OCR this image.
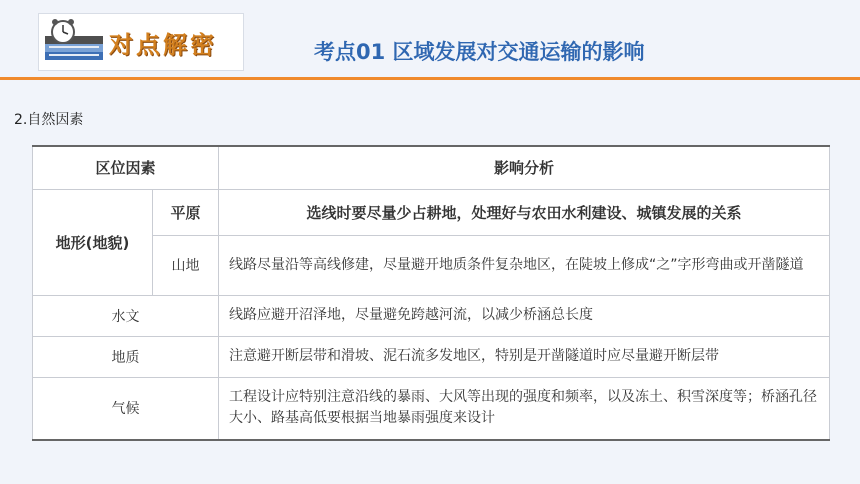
对点解密	考点01 区域发展对交通运输的影响
2.自然因素
区位因素		影响分析
地形(地貌)	平原	选线时要尽量少占耕地，处理好与农田水利建设、城镇发展的关系
	山地	线路尽量沿等高线修建，尽量避开地质条件复杂地区，在陡坡上修成“之”字形弯曲或开凿隧道
水文		线路应避开沼泽地，尽量避免跨越河流，以减少桥涵总长度
地质		注意避开断层带和滑坡、泥石流多发地区，特别是开凿隧道时应尽量避开断层带
气候		工程设计应特别注意沿线的暴雨、大风等出现的强度和频率，以及冻土、积雪深度等；桥涵孔径大小、路基高低要根据当地暴雨强度来设计
